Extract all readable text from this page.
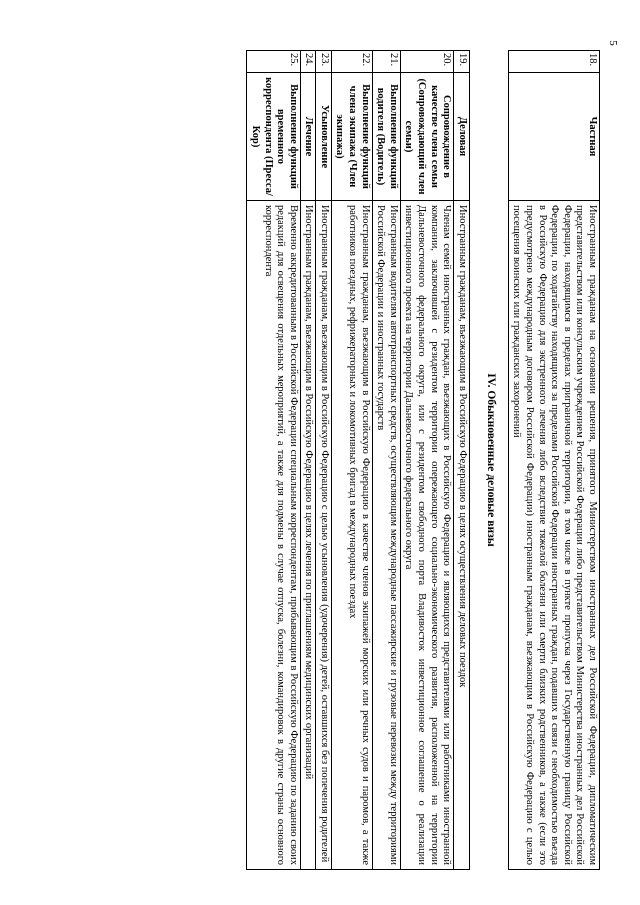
5
18.	Частная	Иностранным гражданам на основании решения, принятого Министерством иностранных дел Российской Федерации, дипломатическим представительством или консульским учреждением Российской Федерации либо представительством Министерства иностранных дел Российской Федерации, находящимся в пределах приграничной территории, в том числе в пункте пропуска через Государственную границу Российской Федерации, по ходатайству находящихся за пределами Российской Федерации иностранных граждан, подавших в связи с необходимостью въезда в Российскую Федерацию для экстренного лечения либо вследствие тяжелой болезни или смерти близких родственников, а также (если это предусмотрено международным договором Российской Федерации) иностранным гражданам, въезжающим в Российскую Федерацию с целью посещения воинских или гражданских захоронений
IV. Обыкновенные деловые визы
19.	Деловая	Иностранным гражданам, въезжающим в Российскую Федерацию в целях осуществления деловых поездок
20.	Сопровождение в качестве члена семьи (Сопровождающий член семьи)	Членам семей иностранных граждан, въезжающих в Российскую Федерацию и являющихся представителями или работниками иностранной компании, заключившей с резидентом территории опережающего социально-экономического развития, расположенной на территории Дальневосточного федерального округа, или с резидентом свободного порта Владивосток инвестиционное соглашение о реализации инвестиционного проекта на территории Дальневосточного федерального округа
21.	Выполнение функций водителя (Водитель)	Иностранным водителям автотранспортных средств, осуществляющим международные пассажирские и грузовые перевозки между территориями Российской Федерации и иностранных государств
22.	Выполнение функций члена экипажа (Член экипажа)	Иностранным гражданам, въезжающим в Российскую Федерацию в качестве членов экипажей морских или речных судов и паромов, а также работников поездных, рефрижераторных и локомотивных бригад в международных поездах
23.	Усыновление	Иностранным гражданам, въезжающим в Российскую Федерацию с целью усыновления (удочерения) детей, оставшихся без попечения родителей
24.	Лечение	Иностранным гражданам, въезжающим в Российскую Федерацию в целях лечения по приглашениям медицинских организаций
25.	Выполнение функций временного корреспондента (Пресса/Кор)	Временно аккредитованным в Российской Федерации специальным корреспондентам, прибывающим в Российскую Федерацию по заданию своих редакций для освещения отдельных мероприятий, а также для подмены в случае отпуска, болезни, командировок в другие страны основного корреспондента
